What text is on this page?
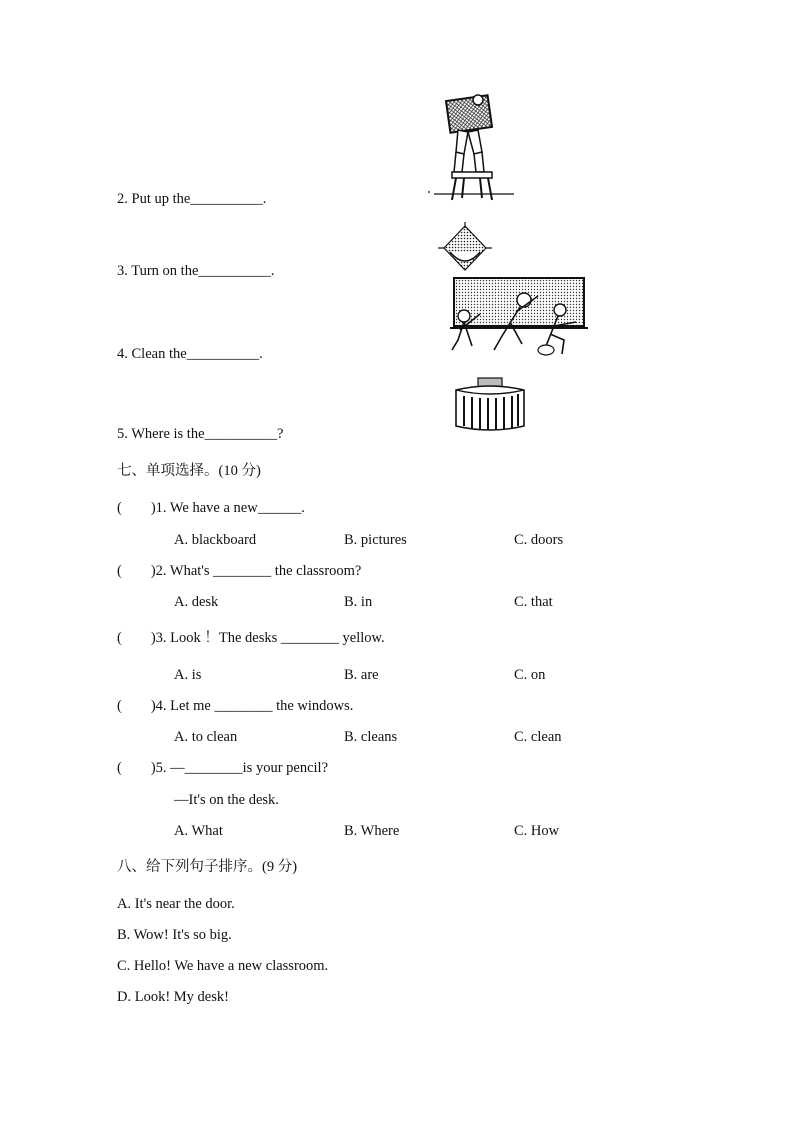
2. Put up the__________.
3. Turn on the__________.
4. Clean the__________.
5. Where is the__________?
七、单项选择。(10 分)
(        )1. We have a new______.
A. blackboard	B. pictures	C. doors
(        )2. What's ________ the classroom?
A. desk	B. in	C. that
(        )3. Look ！The desks ________ yellow.
A. is	B. are	C. on
(        )4. Let me ________ the windows.
A. to clean	B. cleans	C. clean
(        )5. —________is your pencil?
—It's on the desk.
A. What	B. Where	C. How
八、给下列句子排序。(9 分)
A. It's near the door.
B. Wow! It's so big.
C. Hello! We have a new classroom.
D. Look! My desk!
